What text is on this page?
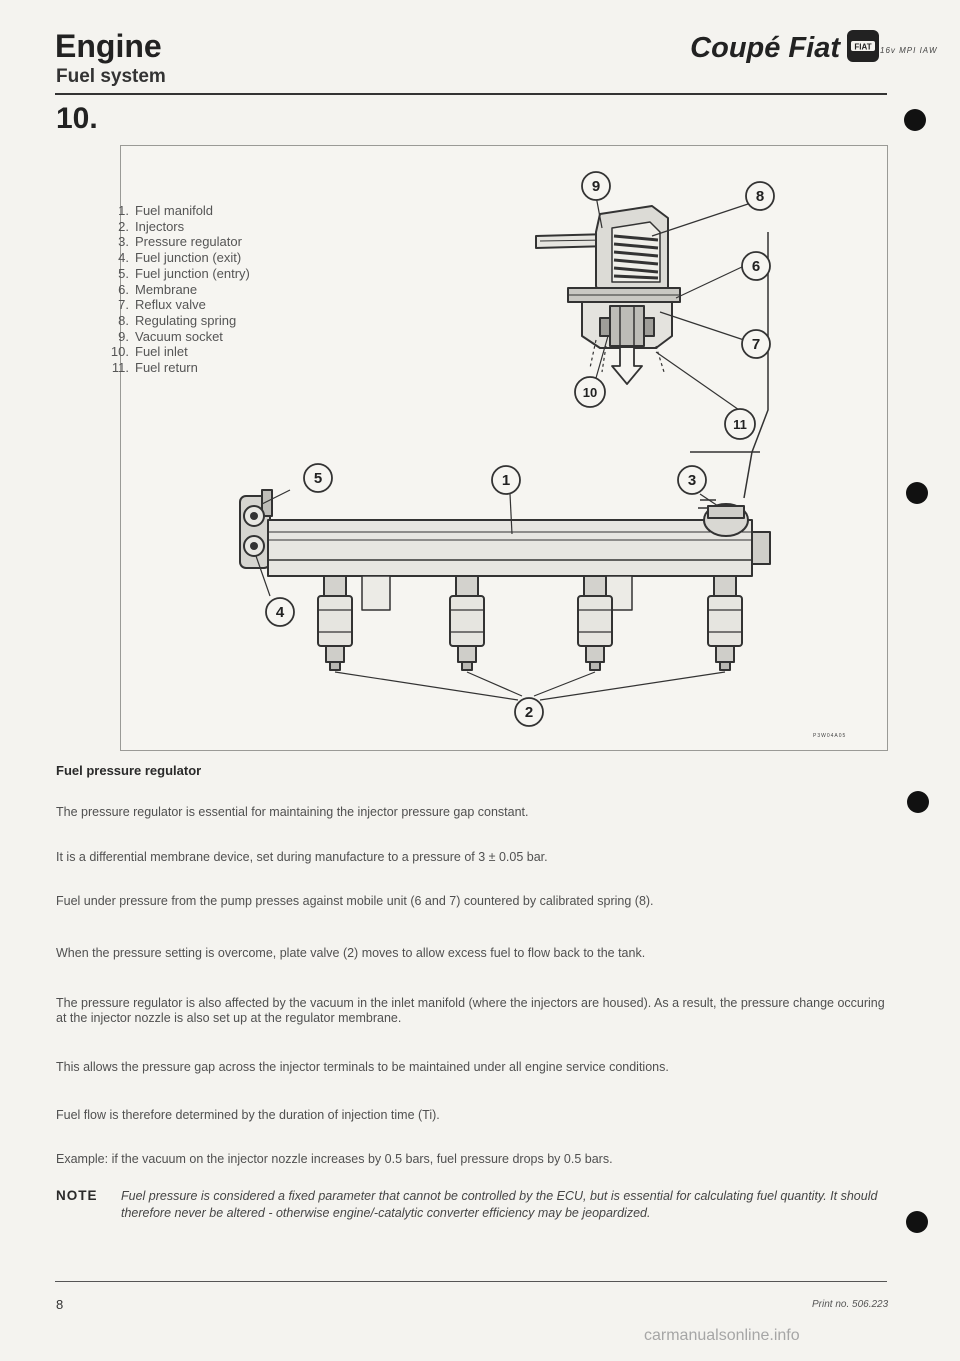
Engine
Fuel system
Coupé Fiat FIAT 16v MPI IAW
10.
1. Fuel manifold
2. Injectors
3. Pressure regulator
4. Fuel junction (exit)
5. Fuel junction (entry)
6. Membrane
7. Reflux valve
8. Regulating spring
9. Vacuum socket
10. Fuel inlet
11. Fuel return
9
8
6
7
10
11
5	1	3
4
2
P3W04A05
Fuel pressure regulator
The pressure regulator is essential for maintaining the injector pressure gap constant.
It is a differential membrane device, set during manufacture to a pressure of 3 ± 0.05 bar.
Fuel under pressure from the pump presses against mobile unit (6 and 7) countered by calibrated spring (8).
When the pressure setting is overcome, plate valve (2) moves to allow excess fuel to flow back to the tank.
The pressure regulator is also affected by the vacuum in the inlet manifold (where the injectors are housed). As a result, the pressure change occuring at the injector nozzle is also set up at the regulator membrane.
This allows the pressure gap across the injector terminals to be maintained under all engine service conditions.
Fuel flow is therefore determined by the duration of injection time (Ti).
Example: if the vacuum on the injector nozzle increases by 0.5 bars, fuel pressure drops by 0.5 bars.
NOTE Fuel pressure is considered a fixed parameter that cannot be controlled by the ECU, but is essential for calculating fuel quantity. It should therefore never be altered - otherwise engine/-catalytic converter efficiency may be jeopardized.
8	Print no. 506.223
carmanualsonline.info
